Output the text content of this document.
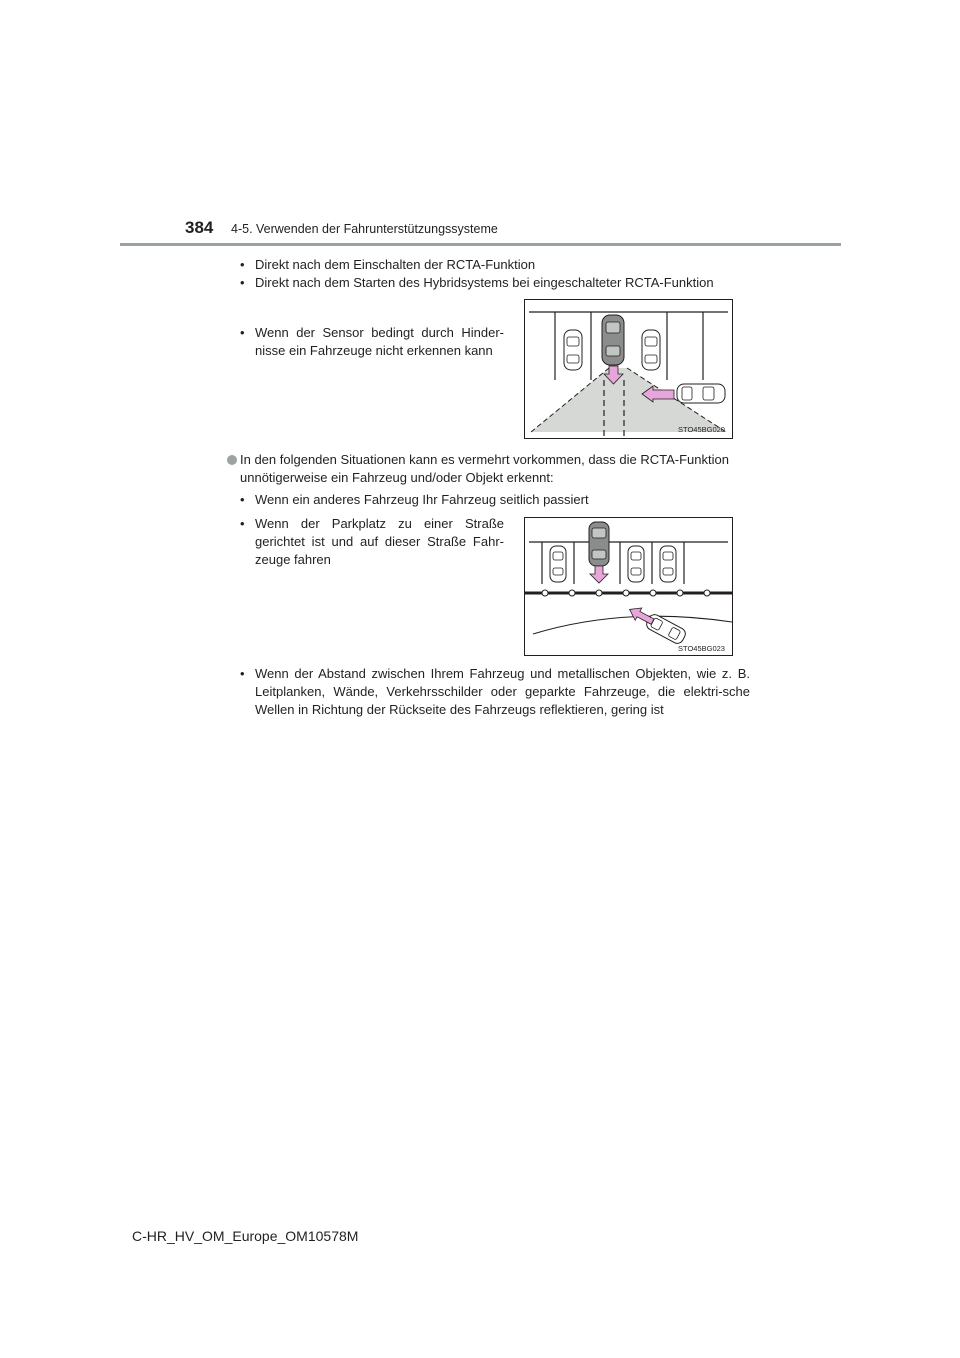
384 4-5. Verwenden der Fahrunterstützungssysteme
• Direkt nach dem Einschalten der RCTA-Funktion
• Direkt nach dem Starten des Hybridsystems bei eingeschalteter RCTA-Funktion
• Wenn der Sensor bedingt durch Hinder-nisse ein Fahrzeuge nicht erkennen kann
STO45BG020
In den folgenden Situationen kann es vermehrt vorkommen, dass die RCTA-Funktion unnötigerweise ein Fahrzeug und/oder Objekt erkennt:
• Wenn ein anderes Fahrzeug Ihr Fahrzeug seitlich passiert
• Wenn der Parkplatz zu einer Straße gerichtet ist und auf dieser Straße Fahr-zeuge fahren
STO45BG023
• Wenn der Abstand zwischen Ihrem Fahrzeug und metallischen Objekten, wie z. B. Leitplanken, Wände, Verkehrsschilder oder geparkte Fahrzeuge, die elektri-sche Wellen in Richtung der Rückseite des Fahrzeugs reflektieren, gering ist
C-HR_HV_OM_Europe_OM10578M
